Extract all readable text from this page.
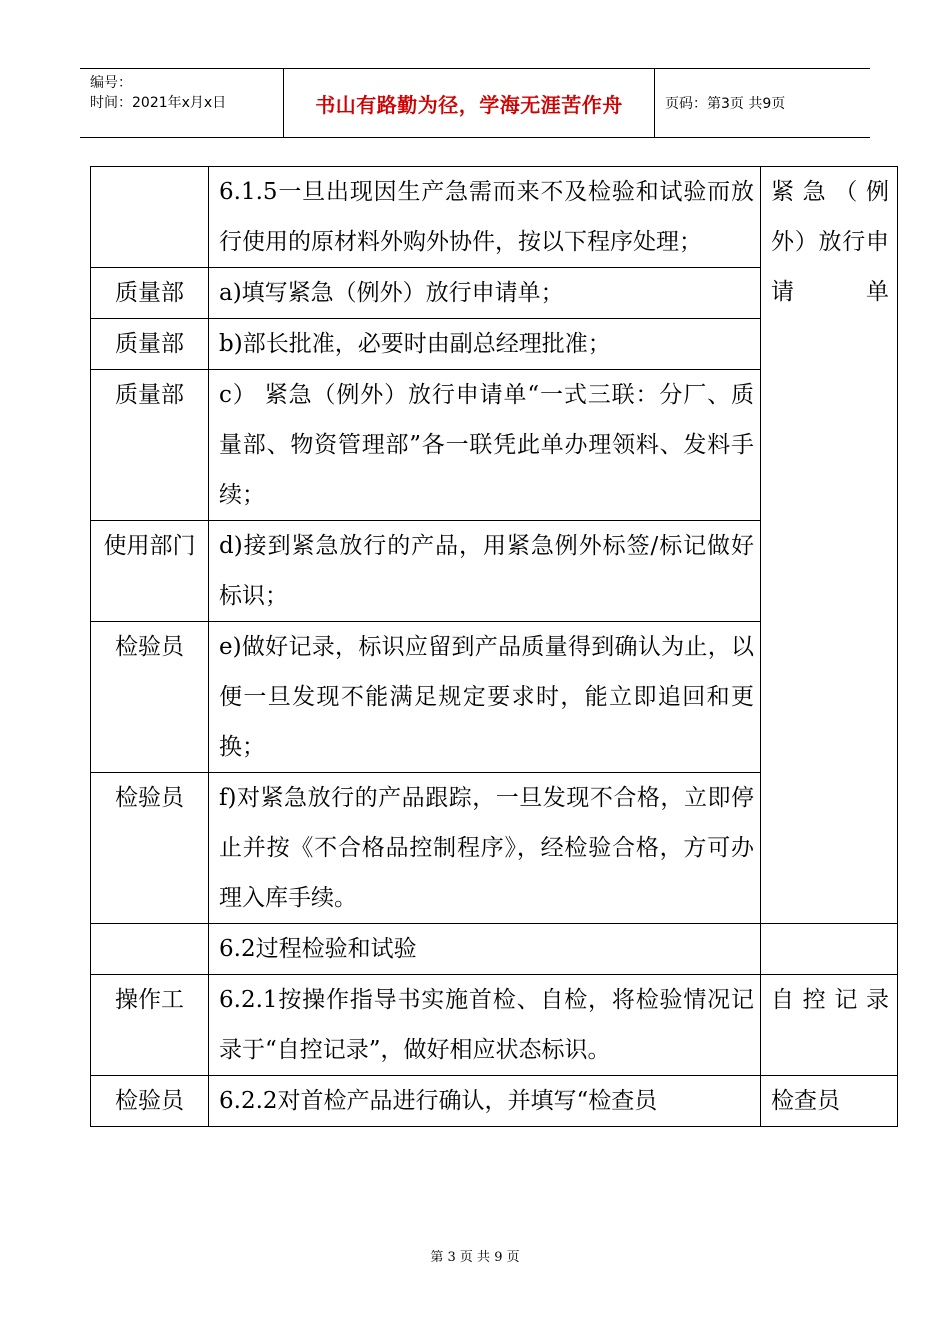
编号：
时间：2021年x月x日	书山有路勤为径，学海无涯苦作舟	页码：第3页 共9页
	6.1.5一旦出现因生产急需而来不及检验和试验而放行使用的原材料外购外协件，按以下程序处理；	紧急（例外）放行申请单

质量部	a)填写紧急（例外）放行申请单；	

质量部	b)部长批准，必要时由副总经理批准；	

质量部	c） 紧急（例外）放行申请单“一式三联：分厂、质量部、物资管理部”各一联凭此单办理领料、发料手续；	

使用部门	d)接到紧急放行的产品，用紧急例外标签/标记做好标识；	

检验员	e)做好记录，标识应留到产品质量得到确认为止，以便一旦发现不能满足规定要求时，能立即追回和更换；	

检验员	f)对紧急放行的产品跟踪，一旦发现不合格，立即停止并按《不合格品控制程序》，经检验合格，方可办理入库手续。	

	6.2过程检验和试验	

操作工	6.2.1按操作指导书实施首检、自检，将检验情况记录于“自控记录”，做好相应状态标识。	自控记录

检验员	6.2.2对首检产品进行确认，并填写“检查员	检查员
第 3 页 共 9 页
